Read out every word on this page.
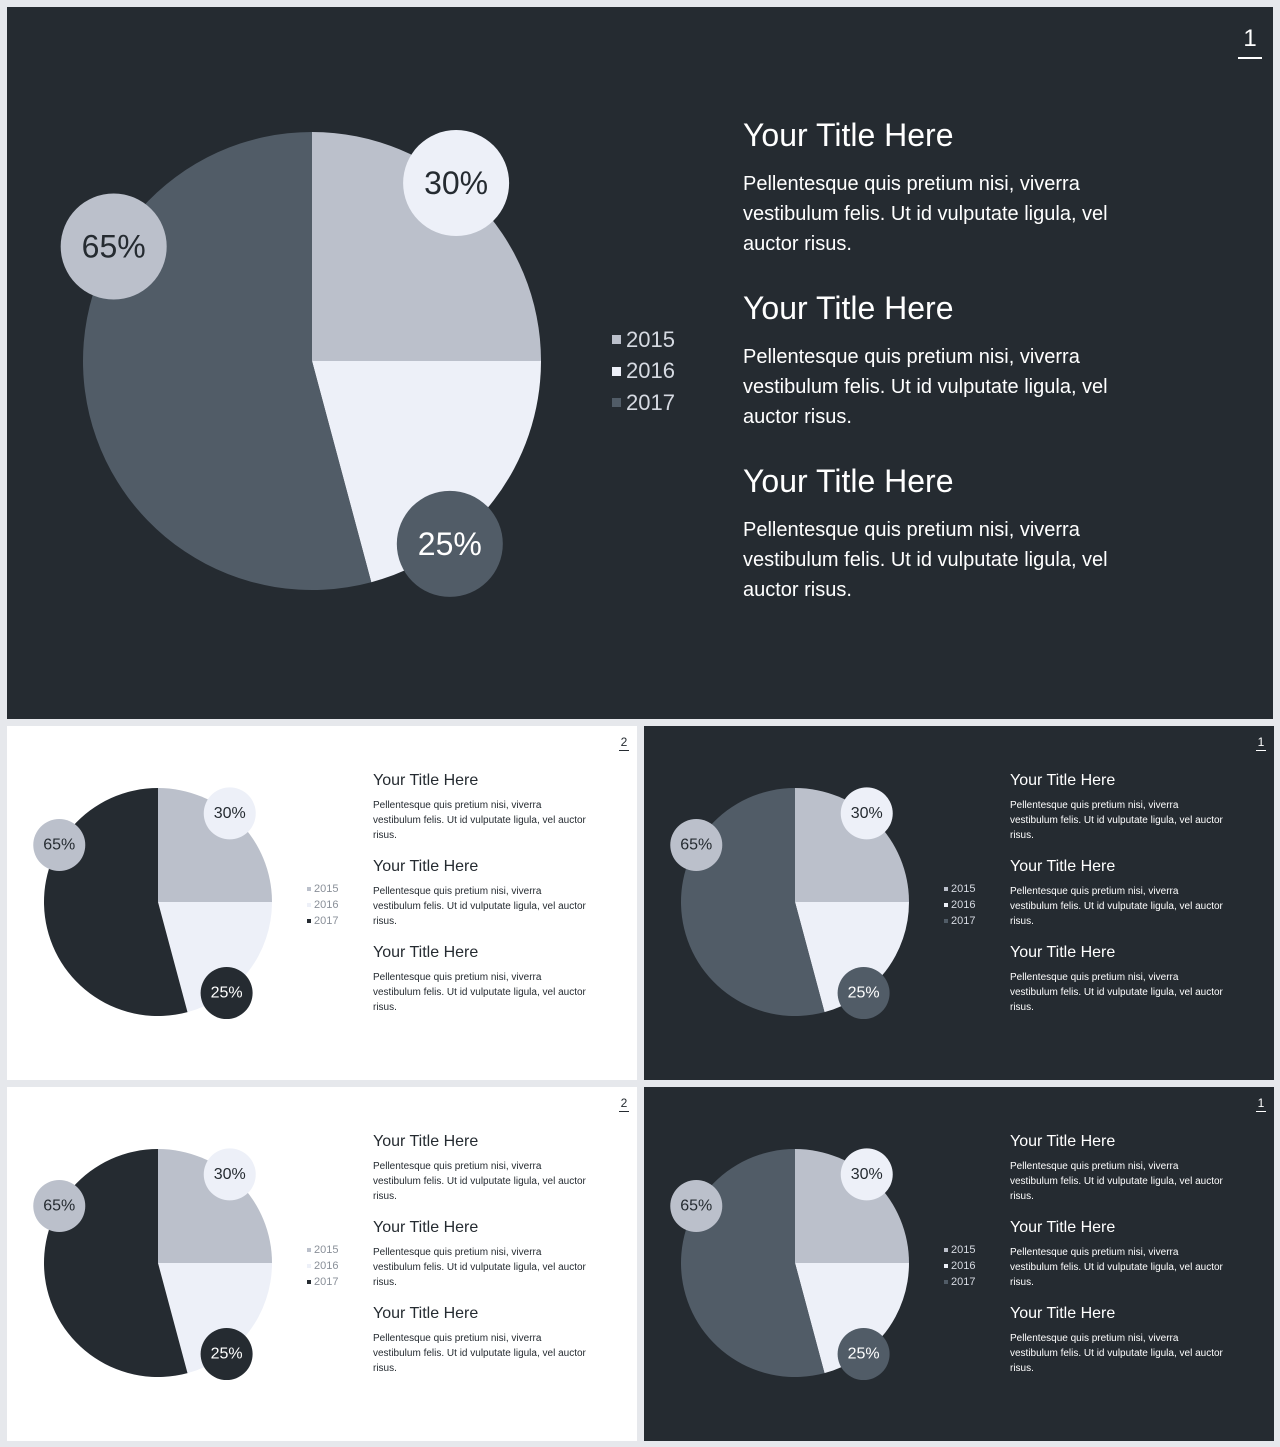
1
30%
25%
65%
2015
2016
2017
Your Title Here
Pellentesque quis pretium nisi, viverra vestibulum felis. Ut id vulputate ligula, vel auctor risus.
Your Title Here
Pellentesque quis pretium nisi, viverra vestibulum felis. Ut id vulputate ligula, vel auctor risus.
Your Title Here
Pellentesque quis pretium nisi, viverra vestibulum felis. Ut id vulputate ligula, vel auctor risus.
2
30%
25%
65%
2015
2016
2017
Your Title Here
Pellentesque quis pretium nisi, viverra vestibulum felis. Ut id vulputate ligula, vel auctor risus.
Your Title Here
Pellentesque quis pretium nisi, viverra vestibulum felis. Ut id vulputate ligula, vel auctor risus.
Your Title Here
Pellentesque quis pretium nisi, viverra vestibulum felis. Ut id vulputate ligula, vel auctor risus.
1
30%
25%
65%
2015
2016
2017
Your Title Here
Pellentesque quis pretium nisi, viverra vestibulum felis. Ut id vulputate ligula, vel auctor risus.
Your Title Here
Pellentesque quis pretium nisi, viverra vestibulum felis. Ut id vulputate ligula, vel auctor risus.
Your Title Here
Pellentesque quis pretium nisi, viverra vestibulum felis. Ut id vulputate ligula, vel auctor risus.
2
30%
25%
65%
2015
2016
2017
Your Title Here
Pellentesque quis pretium nisi, viverra vestibulum felis. Ut id vulputate ligula, vel auctor risus.
Your Title Here
Pellentesque quis pretium nisi, viverra vestibulum felis. Ut id vulputate ligula, vel auctor risus.
Your Title Here
Pellentesque quis pretium nisi, viverra vestibulum felis. Ut id vulputate ligula, vel auctor risus.
1
30%
25%
65%
2015
2016
2017
Your Title Here
Pellentesque quis pretium nisi, viverra vestibulum felis. Ut id vulputate ligula, vel auctor risus.
Your Title Here
Pellentesque quis pretium nisi, viverra vestibulum felis. Ut id vulputate ligula, vel auctor risus.
Your Title Here
Pellentesque quis pretium nisi, viverra vestibulum felis. Ut id vulputate ligula, vel auctor risus.
